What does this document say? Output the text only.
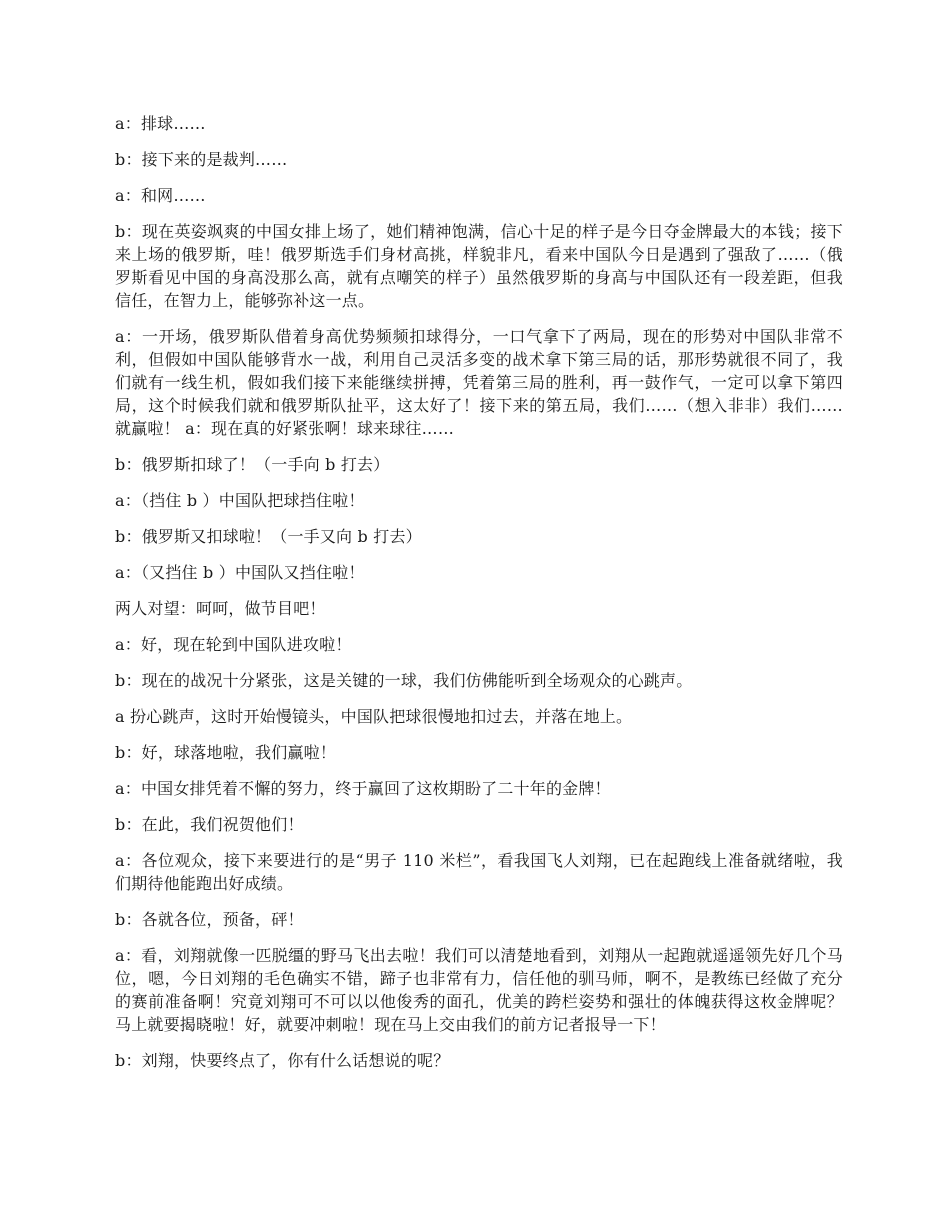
a：排球……

b：接下来的是裁判……

a：和网……

b：现在英姿飒爽的中国女排上场了，她们精神饱满，信心十足的样子是今日夺金牌最大的本钱；接下来上场的俄罗斯，哇！俄罗斯选手们身材高挑，样貌非凡，看来中国队今日是遇到了强敌了……（俄罗斯看见中国的身高没那么高，就有点嘲笑的样子）虽然俄罗斯的身高与中国队还有一段差距，但我信任，在智力上，能够弥补这一点。

a：一开场，俄罗斯队借着身高优势频频扣球得分，一口气拿下了两局，现在的形势对中国队非常不利，但假如中国队能够背水一战，利用自己灵活多变的战术拿下第三局的话，那形势就很不同了，我们就有一线生机，假如我们接下来能继续拼搏，凭着第三局的胜利，再一鼓作气，一定可以拿下第四局，这个时候我们就和俄罗斯队扯平，这太好了！接下来的第五局，我们……（想入非非）我们……就赢啦！ a：现在真的好紧张啊！球来球往……

b：俄罗斯扣球了！（一手向 b 打去）

a：（挡住 b ）中国队把球挡住啦！

b：俄罗斯又扣球啦！（一手又向 b 打去）

a：（又挡住 b ）中国队又挡住啦！

两人对望：呵呵，做节目吧！

a：好，现在轮到中国队进攻啦！

b：现在的战况十分紧张，这是关键的一球，我们仿佛能听到全场观众的心跳声。

a 扮心跳声，这时开始慢镜头，中国队把球很慢地扣过去，并落在地上。

b：好，球落地啦，我们赢啦！

a：中国女排凭着不懈的努力，终于赢回了这枚期盼了二十年的金牌！

b：在此，我们祝贺他们！

a：各位观众，接下来要进行的是“男子 110 米栏”，看我国飞人刘翔，已在起跑线上准备就绪啦，我们期待他能跑出好成绩。

b：各就各位，预备，砰！

a：看，刘翔就像一匹脱缰的野马飞出去啦！我们可以清楚地看到，刘翔从一起跑就遥遥领先好几个马位，嗯，今日刘翔的毛色确实不错，蹄子也非常有力，信任他的驯马师，啊不，是教练已经做了充分的赛前准备啊！究竟刘翔可不可以以他俊秀的面孔，优美的跨栏姿势和强壮的体魄获得这枚金牌呢？马上就要揭晓啦！好，就要冲刺啦！现在马上交由我们的前方记者报导一下！

b：刘翔，快要终点了，你有什么话想说的呢？
